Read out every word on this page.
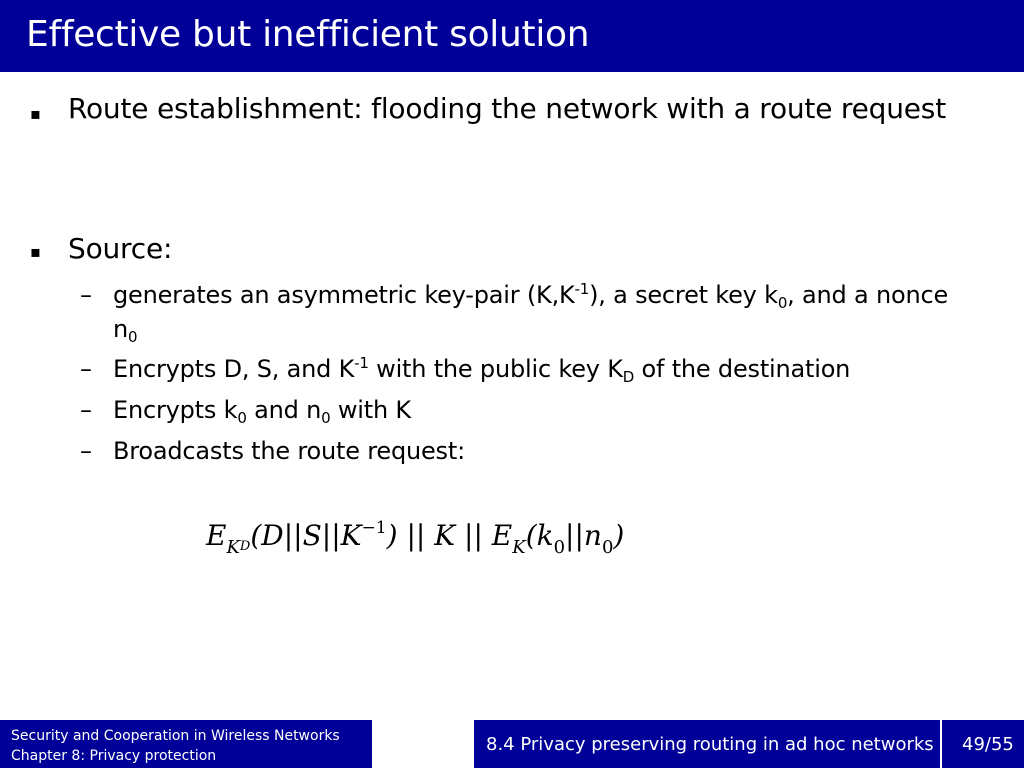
Effective but inefficient solution
▪ Route establishment: flooding the network with a route request
▪ Source:
– generates an asymmetric key-pair $(K,K^{-1})$, a secret key $k_0$, and a nonce $n_0$
– Encrypts D, S, and $K^{-1}$ with the public key $K_D$ of the destination
– Encrypts $k_0$ and $n_0$ with K
– Broadcasts the route request:
$E_KD(D||S||K^{-1})$ || K || $E_K(k_0||n_0)$
Security and Cooperation in Wireless Networks
Chapter 8: Privacy protection
8.4 Privacy preserving routing in ad hoc networks 49/55
